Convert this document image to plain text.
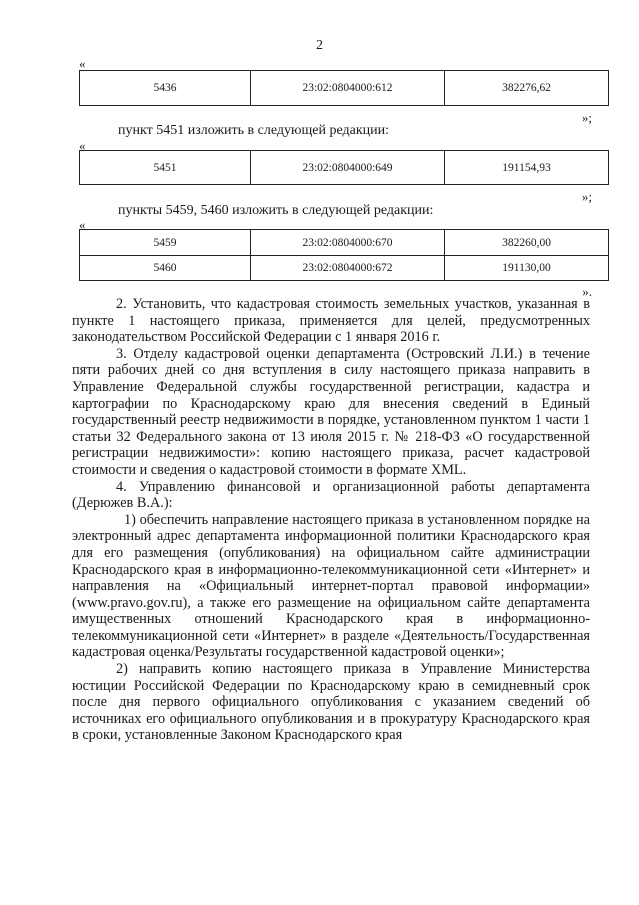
2
«
5436	23:02:0804000:612	382276,62
»;
пункт 5451 изложить в следующей редакции:
«
5451	23:02:0804000:649	191154,93
»;
пункты 5459, 5460 изложить в следующей редакции:
«
5459	23:02:0804000:670	382260,00
5460	23:02:0804000:672	191130,00
».

2. Установить, что кадастровая стоимость земельных участков, указанная в пункте 1 настоящего приказа, применяется для целей, предусмотренных законодательством Российской Федерации с 1 января 2016 г.

3. Отделу кадастровой оценки департамента (Островский Л.И.) в течение пяти рабочих дней со дня вступления в силу настоящего приказа направить в Управление Федеральной службы государственной регистрации, кадастра и картографии по Краснодарскому краю для внесения сведений в Единый государственный реестр недвижимости в порядке, установленном пунктом 1 части 1 статьи 32 Федерального закона от 13 июля 2015 г. № 218-ФЗ «О государственной регистрации недвижимости»: копию настоящего приказа, расчет кадастровой стоимости и сведения о кадастровой стоимости в формате XML.

4. Управлению финансовой и организационной работы департамента (Дерюжев В.А.):

1) обеспечить направление настоящего приказа в установленном порядке на электронный адрес департамента информационной политики Краснодарского края для его размещения (опубликования) на официальном сайте администрации Краснодарского края в информационно-телекоммуникационной сети «Интернет» и направления на «Официальный интернет-портал правовой информации» (www.pravo.gov.ru), а также его размещение на официальном сайте департамента имущественных отношений Краснодарского края в информационно-телекоммуникационной сети «Интернет» в разделе «Деятельность/Государственная кадастровая оценка/Результаты государственной кадастровой оценки»;

2) направить копию настоящего приказа в Управление Министерства юстиции Российской Федерации по Краснодарскому краю в семидневный срок после дня первого официального опубликования с указанием сведений об источниках его официального опубликования и в прокуратуру Краснодарского края в сроки, установленные Законом Краснодарского края
